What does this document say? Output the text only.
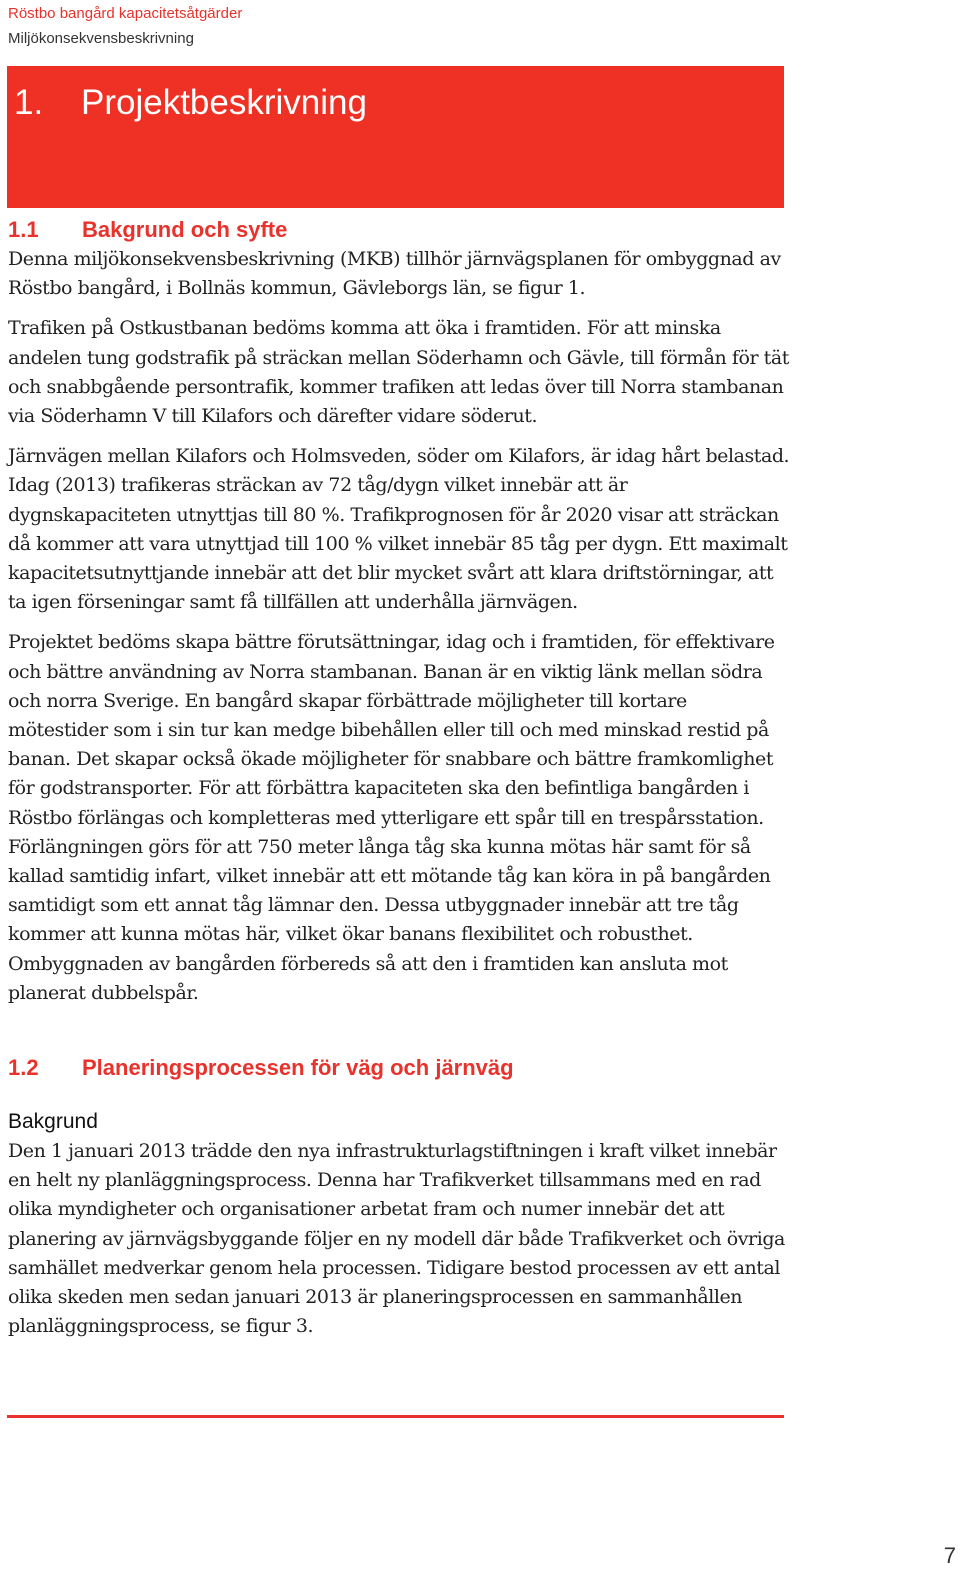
Röstbo bangård kapacitetsåtgärder
Miljökonsekvensbeskrivning
1. Projektbeskrivning
1.1 Bakgrund och syfte

Denna miljökonsekvensbeskrivning (MKB) tillhör järnvägsplanen för ombyggnad av Röstbo bangård, i Bollnäs kommun, Gävleborgs län, se figur 1.

Trafiken på Ostkustbanan bedöms komma att öka i framtiden. För att minska andelen tung godstrafik på sträckan mellan Söderhamn och Gävle, till förmån för tät och snabbgående persontrafik, kommer trafiken att ledas över till Norra stambanan via Söderhamn V till Kilafors och därefter vidare söderut.

Järnvägen mellan Kilafors och Holmsveden, söder om Kilafors, är idag hårt belastad. Idag (2013) trafikeras sträckan av 72 tåg/dygn vilket innebär att är dygnskapaciteten utnyttjas till 80 %. Trafikprognosen för år 2020 visar att sträckan då kommer att vara utnyttjad till 100 % vilket innebär 85 tåg per dygn. Ett maximalt kapacitetsutnyttjande innebär att det blir mycket svårt att klara driftstörningar, att ta igen förseningar samt få tillfällen att underhålla järnvägen.

Projektet bedöms skapa bättre förutsättningar, idag och i framtiden, för effektivare och bättre användning av Norra stambanan. Banan är en viktig länk mellan södra och norra Sverige. En bangård skapar förbättrade möjligheter till kortare mötestider som i sin tur kan medge bibehållen eller till och med minskad restid på banan. Det skapar också ökade möjligheter för snabbare och bättre framkomlighet för godstransporter. För att förbättra kapaciteten ska den befintliga bangården i Röstbo förlängas och kompletteras med ytterligare ett spår till en trespårsstation. Förlängningen görs för att 750 meter långa tåg ska kunna mötas här samt för så kallad samtidig infart, vilket innebär att ett mötande tåg kan köra in på bangården samtidigt som ett annat tåg lämnar den. Dessa utbyggnader innebär att tre tåg kommer att kunna mötas här, vilket ökar banans flexibilitet och robusthet. Ombyggnaden av bangården förbereds så att den i framtiden kan ansluta mot planerat dubbelspår.

1.2 Planeringsprocessen för väg och järnväg
Bakgrund

Den 1 januari 2013 trädde den nya infrastrukturlagstiftningen i kraft vilket innebär en helt ny planläggningsprocess. Denna har Trafikverket tillsammans med en rad olika myndigheter och organisationer arbetat fram och numer innebär det att planering av järnvägsbyggande följer en ny modell där både Trafikverket och övriga samhället medverkar genom hela processen. Tidigare bestod processen av ett antal olika skeden men sedan januari 2013 är planeringsprocessen en sammanhållen planläggningsprocess, se figur 3.

7
